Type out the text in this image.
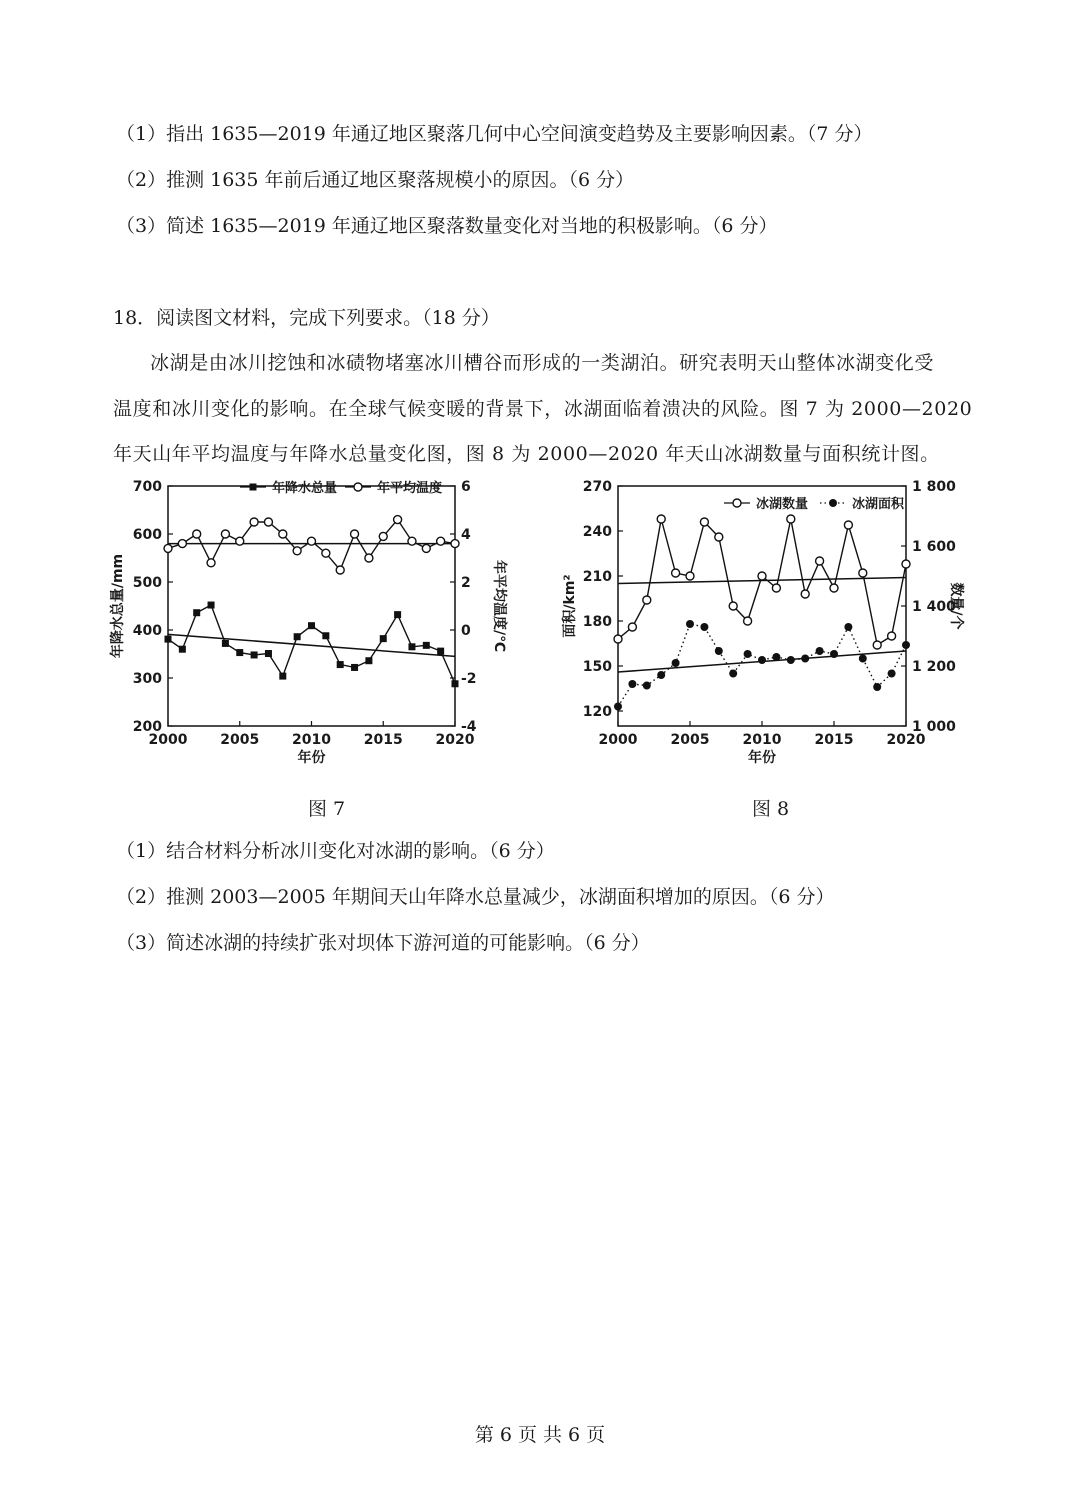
（1）指出 1635—2019 年通辽地区聚落几何中心空间演变趋势及主要影响因素。（7 分）
（2）推测 1635 年前后通辽地区聚落规模小的原因。（6 分）
（3）简述 1635—2019 年通辽地区聚落数量变化对当地的积极影响。（6 分）
18．阅读图文材料，完成下列要求。（18 分）
冰湖是由冰川挖蚀和冰碛物堵塞冰川槽谷而形成的一类湖泊。研究表明天山整体冰湖变化受
温度和冰川变化的影响。在全球气候变暖的背景下，冰湖面临着溃决的风险。图 7 为 2000—2020
年天山年平均温度与年降水总量变化图，图 8 为 2000—2020 年天山冰湖数量与面积统计图。
2000 2005 2010 2015 2020
200
300
400
500
600
700
-4
-2
0
2
4
6
年份
年降水总量/mm	年平均温度/℃
年降水总量	年平均温度
图 7
2000 2005 2010 2015 2020
120
150
180
210
240
270
1 000
1 200
1 400
1 600
1 800
年份
面积/km²	数量/个
冰湖数量	冰湖面积
图 8
（1）结合材料分析冰川变化对冰湖的影响。（6 分）
（2）推测 2003—2005 年期间天山年降水总量减少，冰湖面积增加的原因。（6 分）
（3）简述冰湖的持续扩张对坝体下游河道的可能影响。（6 分）
第 6 页 共 6 页
